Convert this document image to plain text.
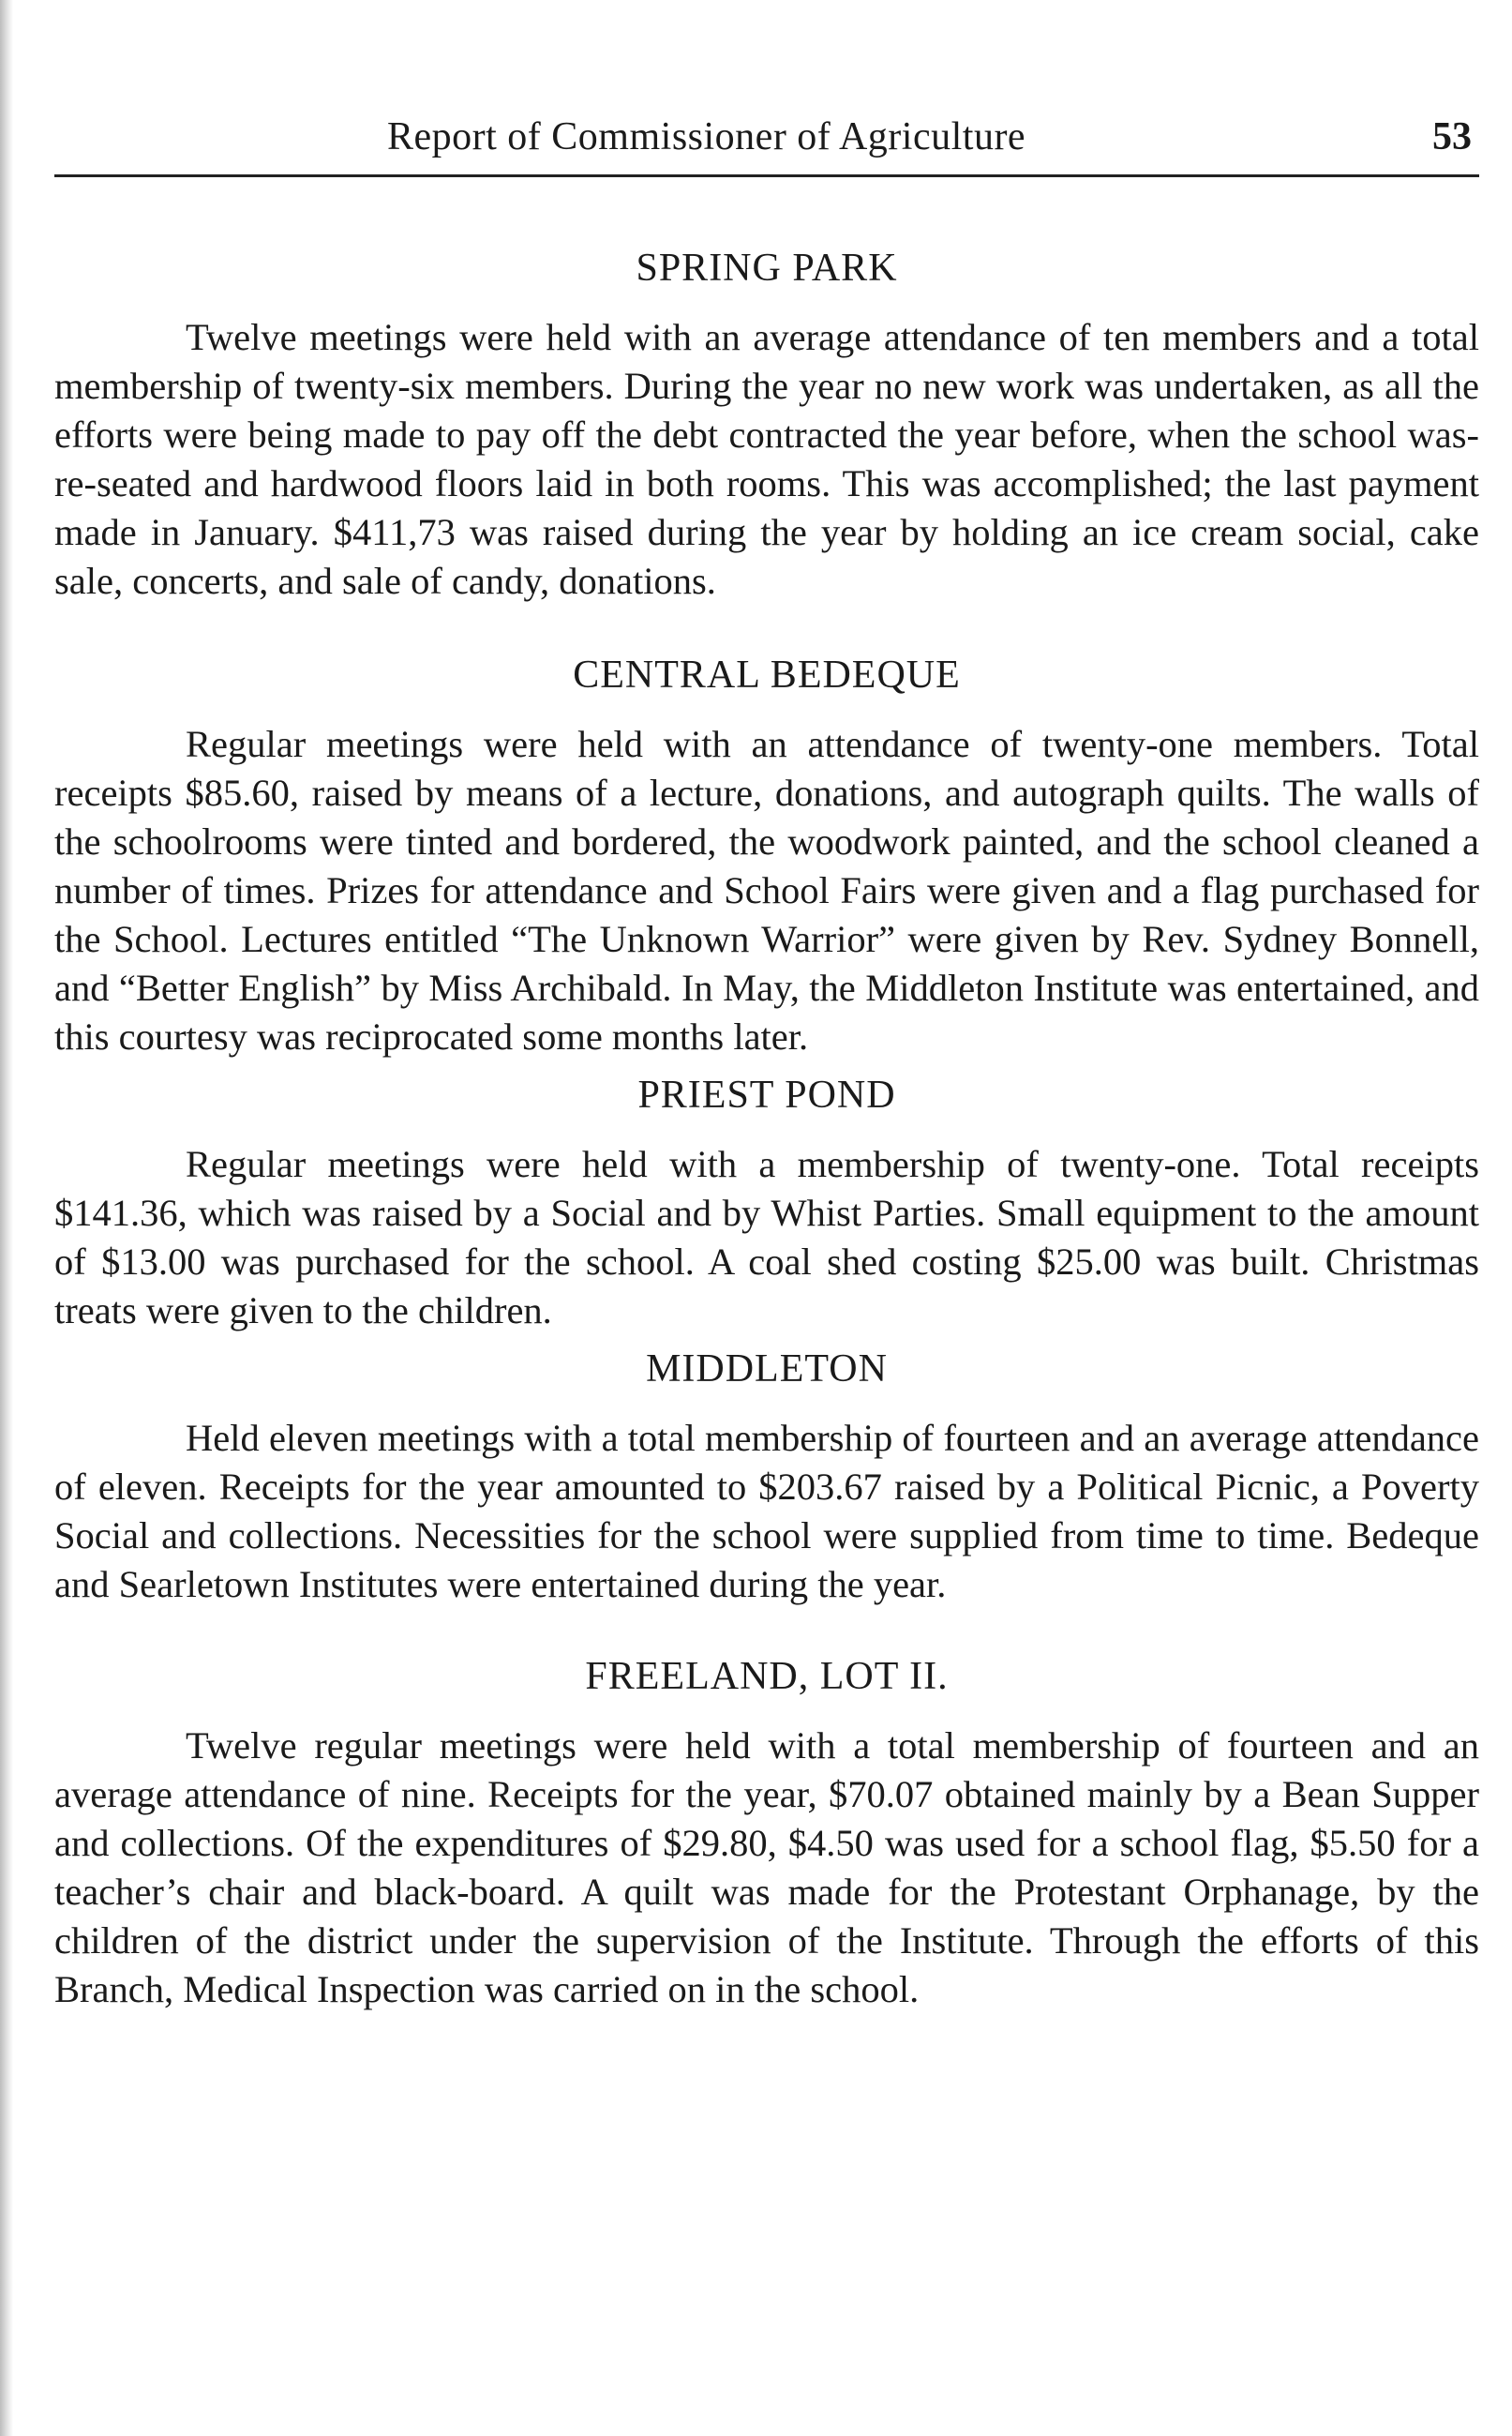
Report of Commissioner of Agriculture	53
SPRING PARK

Twelve meetings were held with an average attendance of ten members and a total membership of twenty-six members. During the year no new work was undertaken, as all the efforts were being made to pay off the debt contracted the year before, when the school was-re-seated and hardwood floors laid in both rooms. This was accomplished; the last payment made in January. $411,73 was raised during the year by holding an ice cream social, cake sale, concerts, and sale of candy, donations.

CENTRAL BEDEQUE

Regular meetings were held with an attendance of twenty-one members. Total receipts $85.60, raised by means of a lecture, donations, and autograph quilts. The walls of the schoolrooms were tinted and bordered, the woodwork painted, and the school cleaned a number of times. Prizes for attendance and School Fairs were given and a flag purchased for the School. Lectures entitled “The Unknown Warrior” were given by Rev. Sydney Bonnell, and “Better English” by Miss Archibald. In May, the Middleton Institute was entertained, and this courtesy was reciprocated some months later.

PRIEST POND

Regular meetings were held with a membership of twenty-one. Total receipts $141.36, which was raised by a Social and by Whist Parties. Small equipment to the amount of $13.00 was purchased for the school. A coal shed costing $25.00 was built. Christmas treats were given to the children.

MIDDLETON

Held eleven meetings with a total membership of fourteen and an average attendance of eleven. Receipts for the year amounted to $203.67 raised by a Political Picnic, a Poverty Social and collections. Necessities for the school were supplied from time to time. Bedeque and Searletown Institutes were entertained during the year.

FREELAND, LOT II.

Twelve regular meetings were held with a total membership of fourteen and an average attendance of nine. Receipts for the year, $70.07 obtained mainly by a Bean Supper and collections. Of the expenditures of $29.80, $4.50 was used for a school flag, $5.50 for a teacher’s chair and black-board. A quilt was made for the Protestant Orphanage, by the children of the district under the supervision of the Institute. Through the efforts of this Branch, Medical Inspection was carried on in the school.
